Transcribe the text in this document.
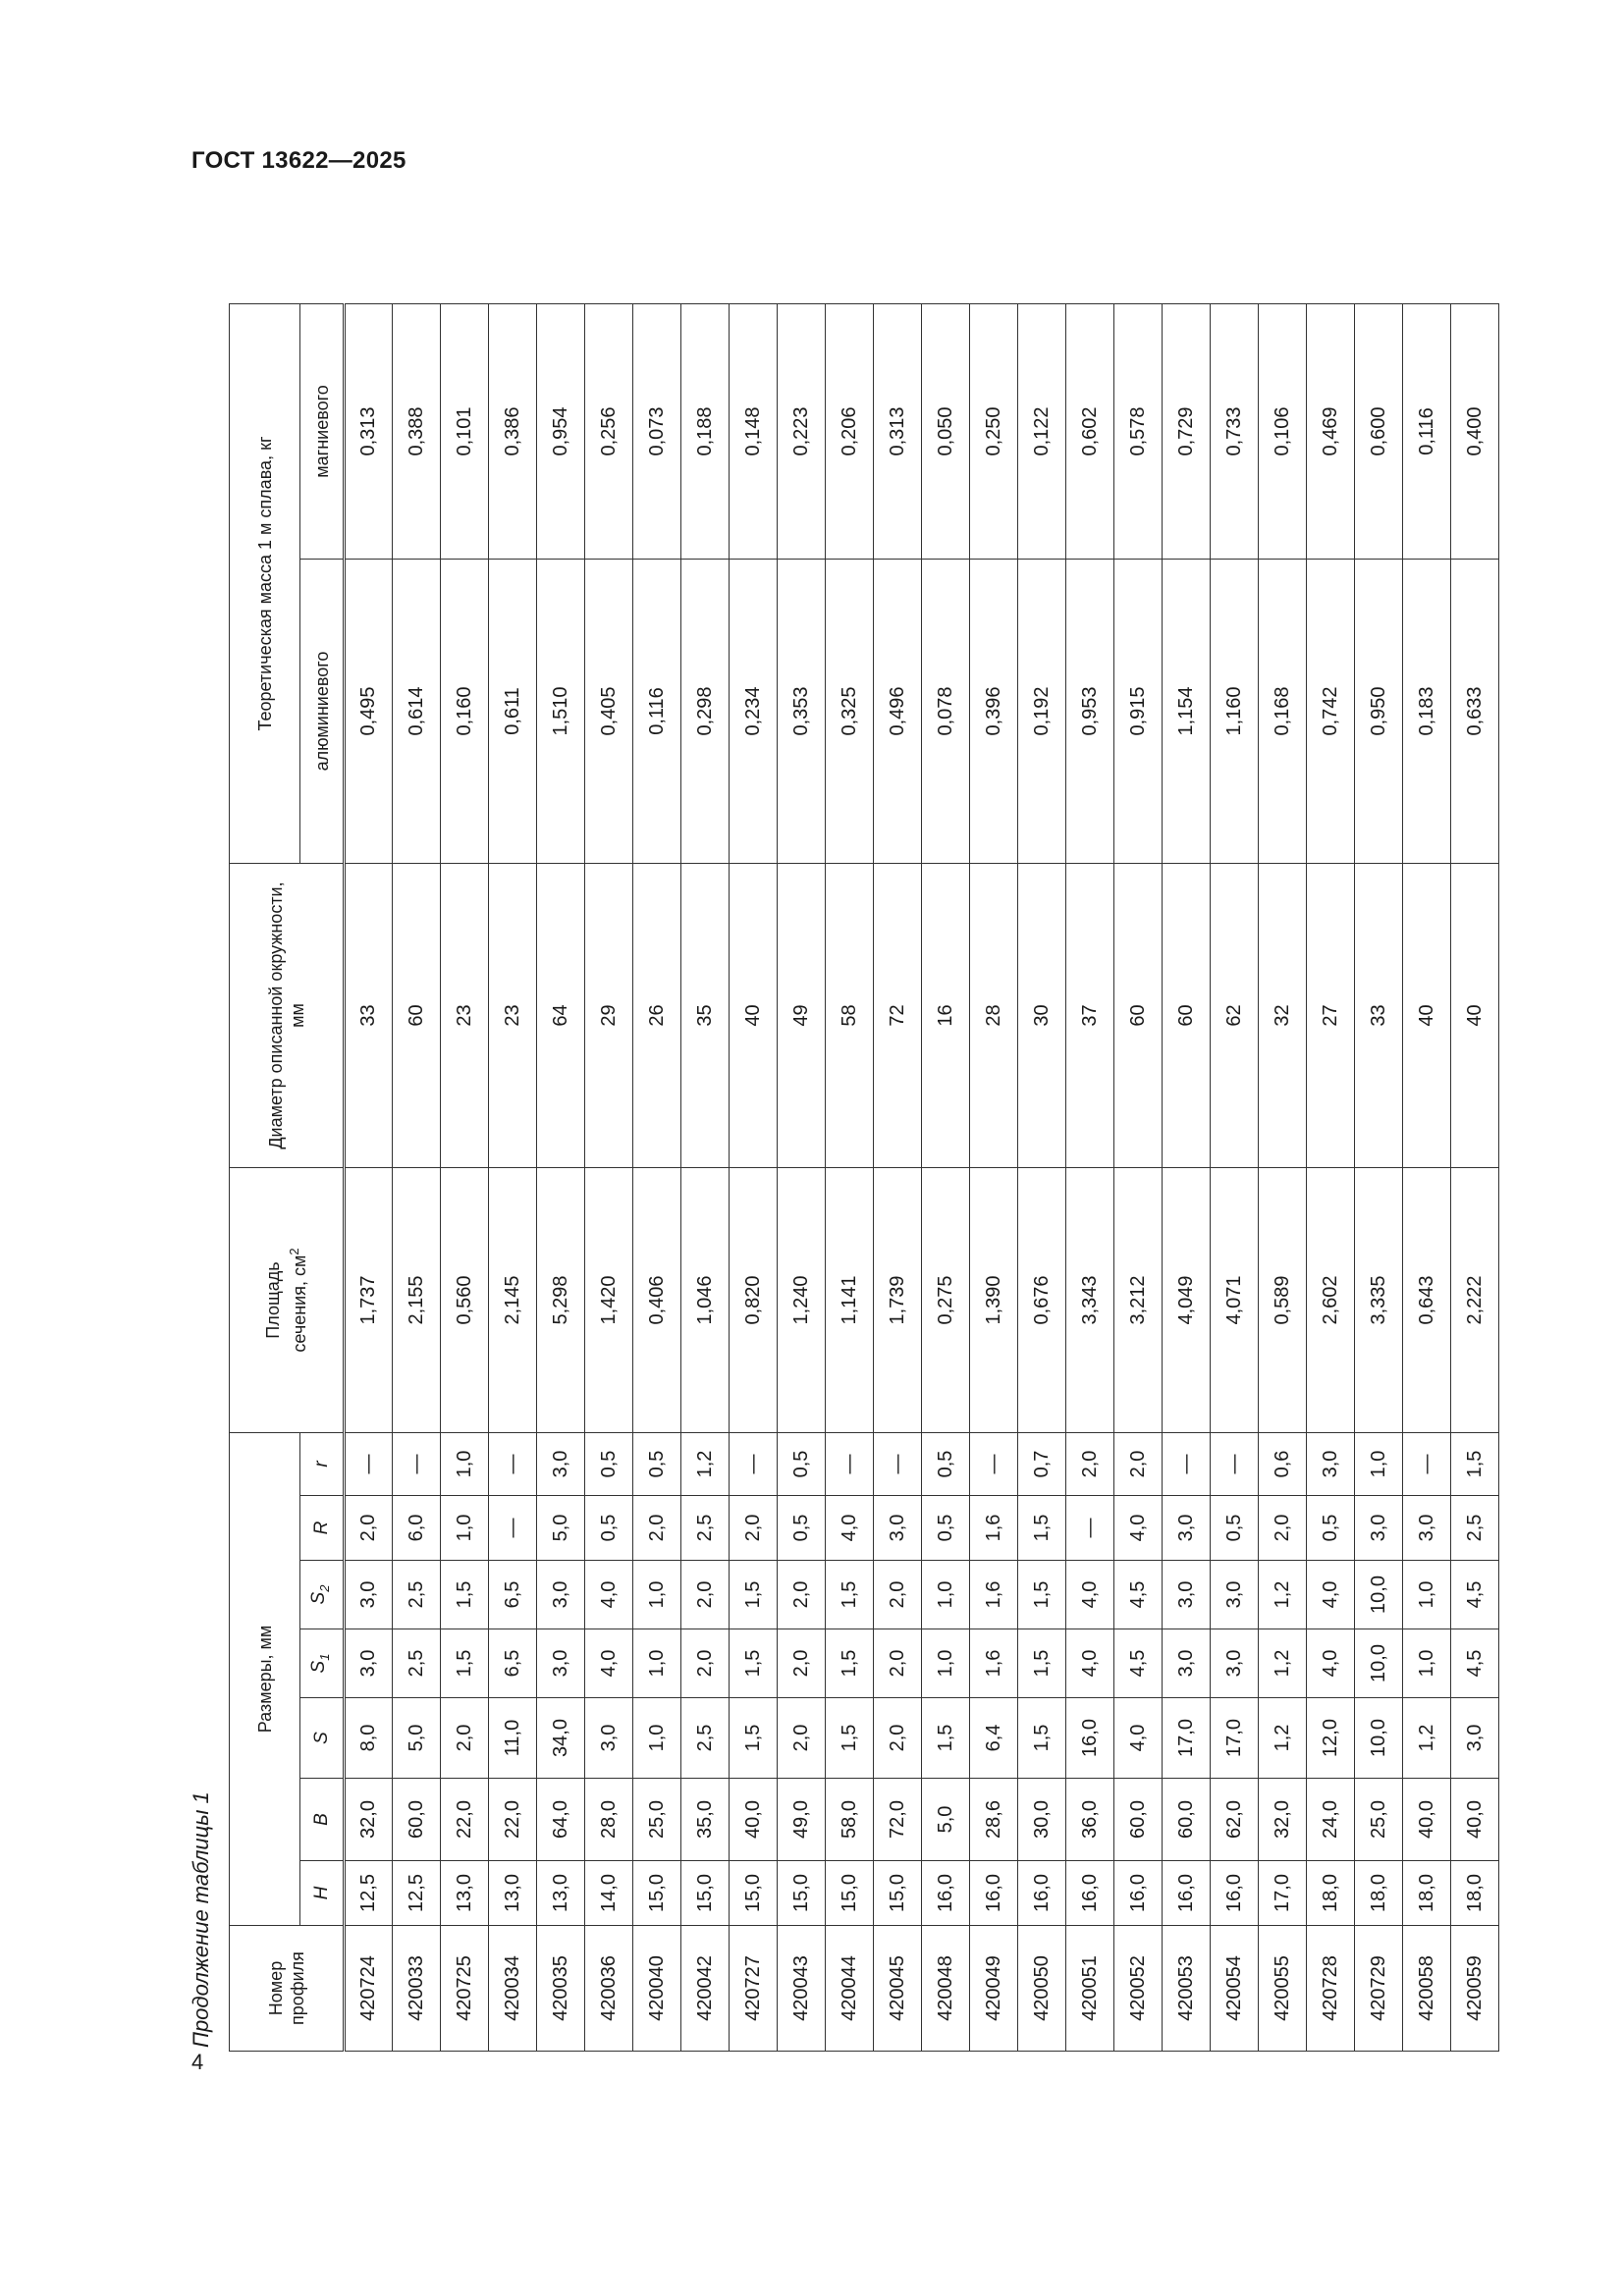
ГОСТ 13622—2025
4
Продолжение таблицы 1	Номер профиля	Размеры, мм							Площадь сечения, $см^2$	Диаметр описанной окружности, мм	Теоретическая масса 1 м сплава, кг	
	H	B	S	$S_1$	$S_2$	R	r			алюминиевого	магниевого
420724	12,5	32,0	8,0	3,0	3,0	2,0	—	1,737	33	0,495	0,313
420033	12,5	60,0	5,0	2,5	2,5	6,0	—	2,155	60	0,614	0,388
420725	13,0	22,0	2,0	1,5	1,5	1,0	1,0	0,560	23	0,160	0,101
420034	13,0	22,0	11,0	6,5	6,5	—	—	2,145	23	0,611	0,386
420035	13,0	64,0	34,0	3,0	3,0	5,0	3,0	5,298	64	1,510	0,954
420036	14,0	28,0	3,0	4,0	4,0	0,5	0,5	1,420	29	0,405	0,256
420040	15,0	25,0	1,0	1,0	1,0	2,0	0,5	0,406	26	0,116	0,073
420042	15,0	35,0	2,5	2,0	2,0	2,5	1,2	1,046	35	0,298	0,188
420727	15,0	40,0	1,5	1,5	1,5	2,0	—	0,820	40	0,234	0,148
420043	15,0	49,0	2,0	2,0	2,0	0,5	0,5	1,240	49	0,353	0,223
420044	15,0	58,0	1,5	1,5	1,5	4,0	—	1,141	58	0,325	0,206
420045	15,0	72,0	2,0	2,0	2,0	3,0	—	1,739	72	0,496	0,313
420048	16,0	5,0	1,5	1,0	1,0	0,5	0,5	0,275	16	0,078	0,050
420049	16,0	28,6	6,4	1,6	1,6	1,6	—	1,390	28	0,396	0,250
420050	16,0	30,0	1,5	1,5	1,5	1,5	0,7	0,676	30	0,192	0,122
420051	16,0	36,0	16,0	4,0	4,0	—	2,0	3,343	37	0,953	0,602
420052	16,0	60,0	4,0	4,5	4,5	4,0	2,0	3,212	60	0,915	0,578
420053	16,0	60,0	17,0	3,0	3,0	3,0	—	4,049	60	1,154	0,729
420054	16,0	62,0	17,0	3,0	3,0	0,5	—	4,071	62	1,160	0,733
420055	17,0	32,0	1,2	1,2	1,2	2,0	0,6	0,589	32	0,168	0,106
420728	18,0	24,0	12,0	4,0	4,0	0,5	3,0	2,602	27	0,742	0,469
420729	18,0	25,0	10,0	10,0	10,0	3,0	1,0	3,335	33	0,950	0,600
420058	18,0	40,0	1,2	1,0	1,0	3,0	—	0,643	40	0,183	0,116
420059	18,0	40,0	3,0	4,5	4,5	2,5	1,5	2,222	40	0,633	0,400
